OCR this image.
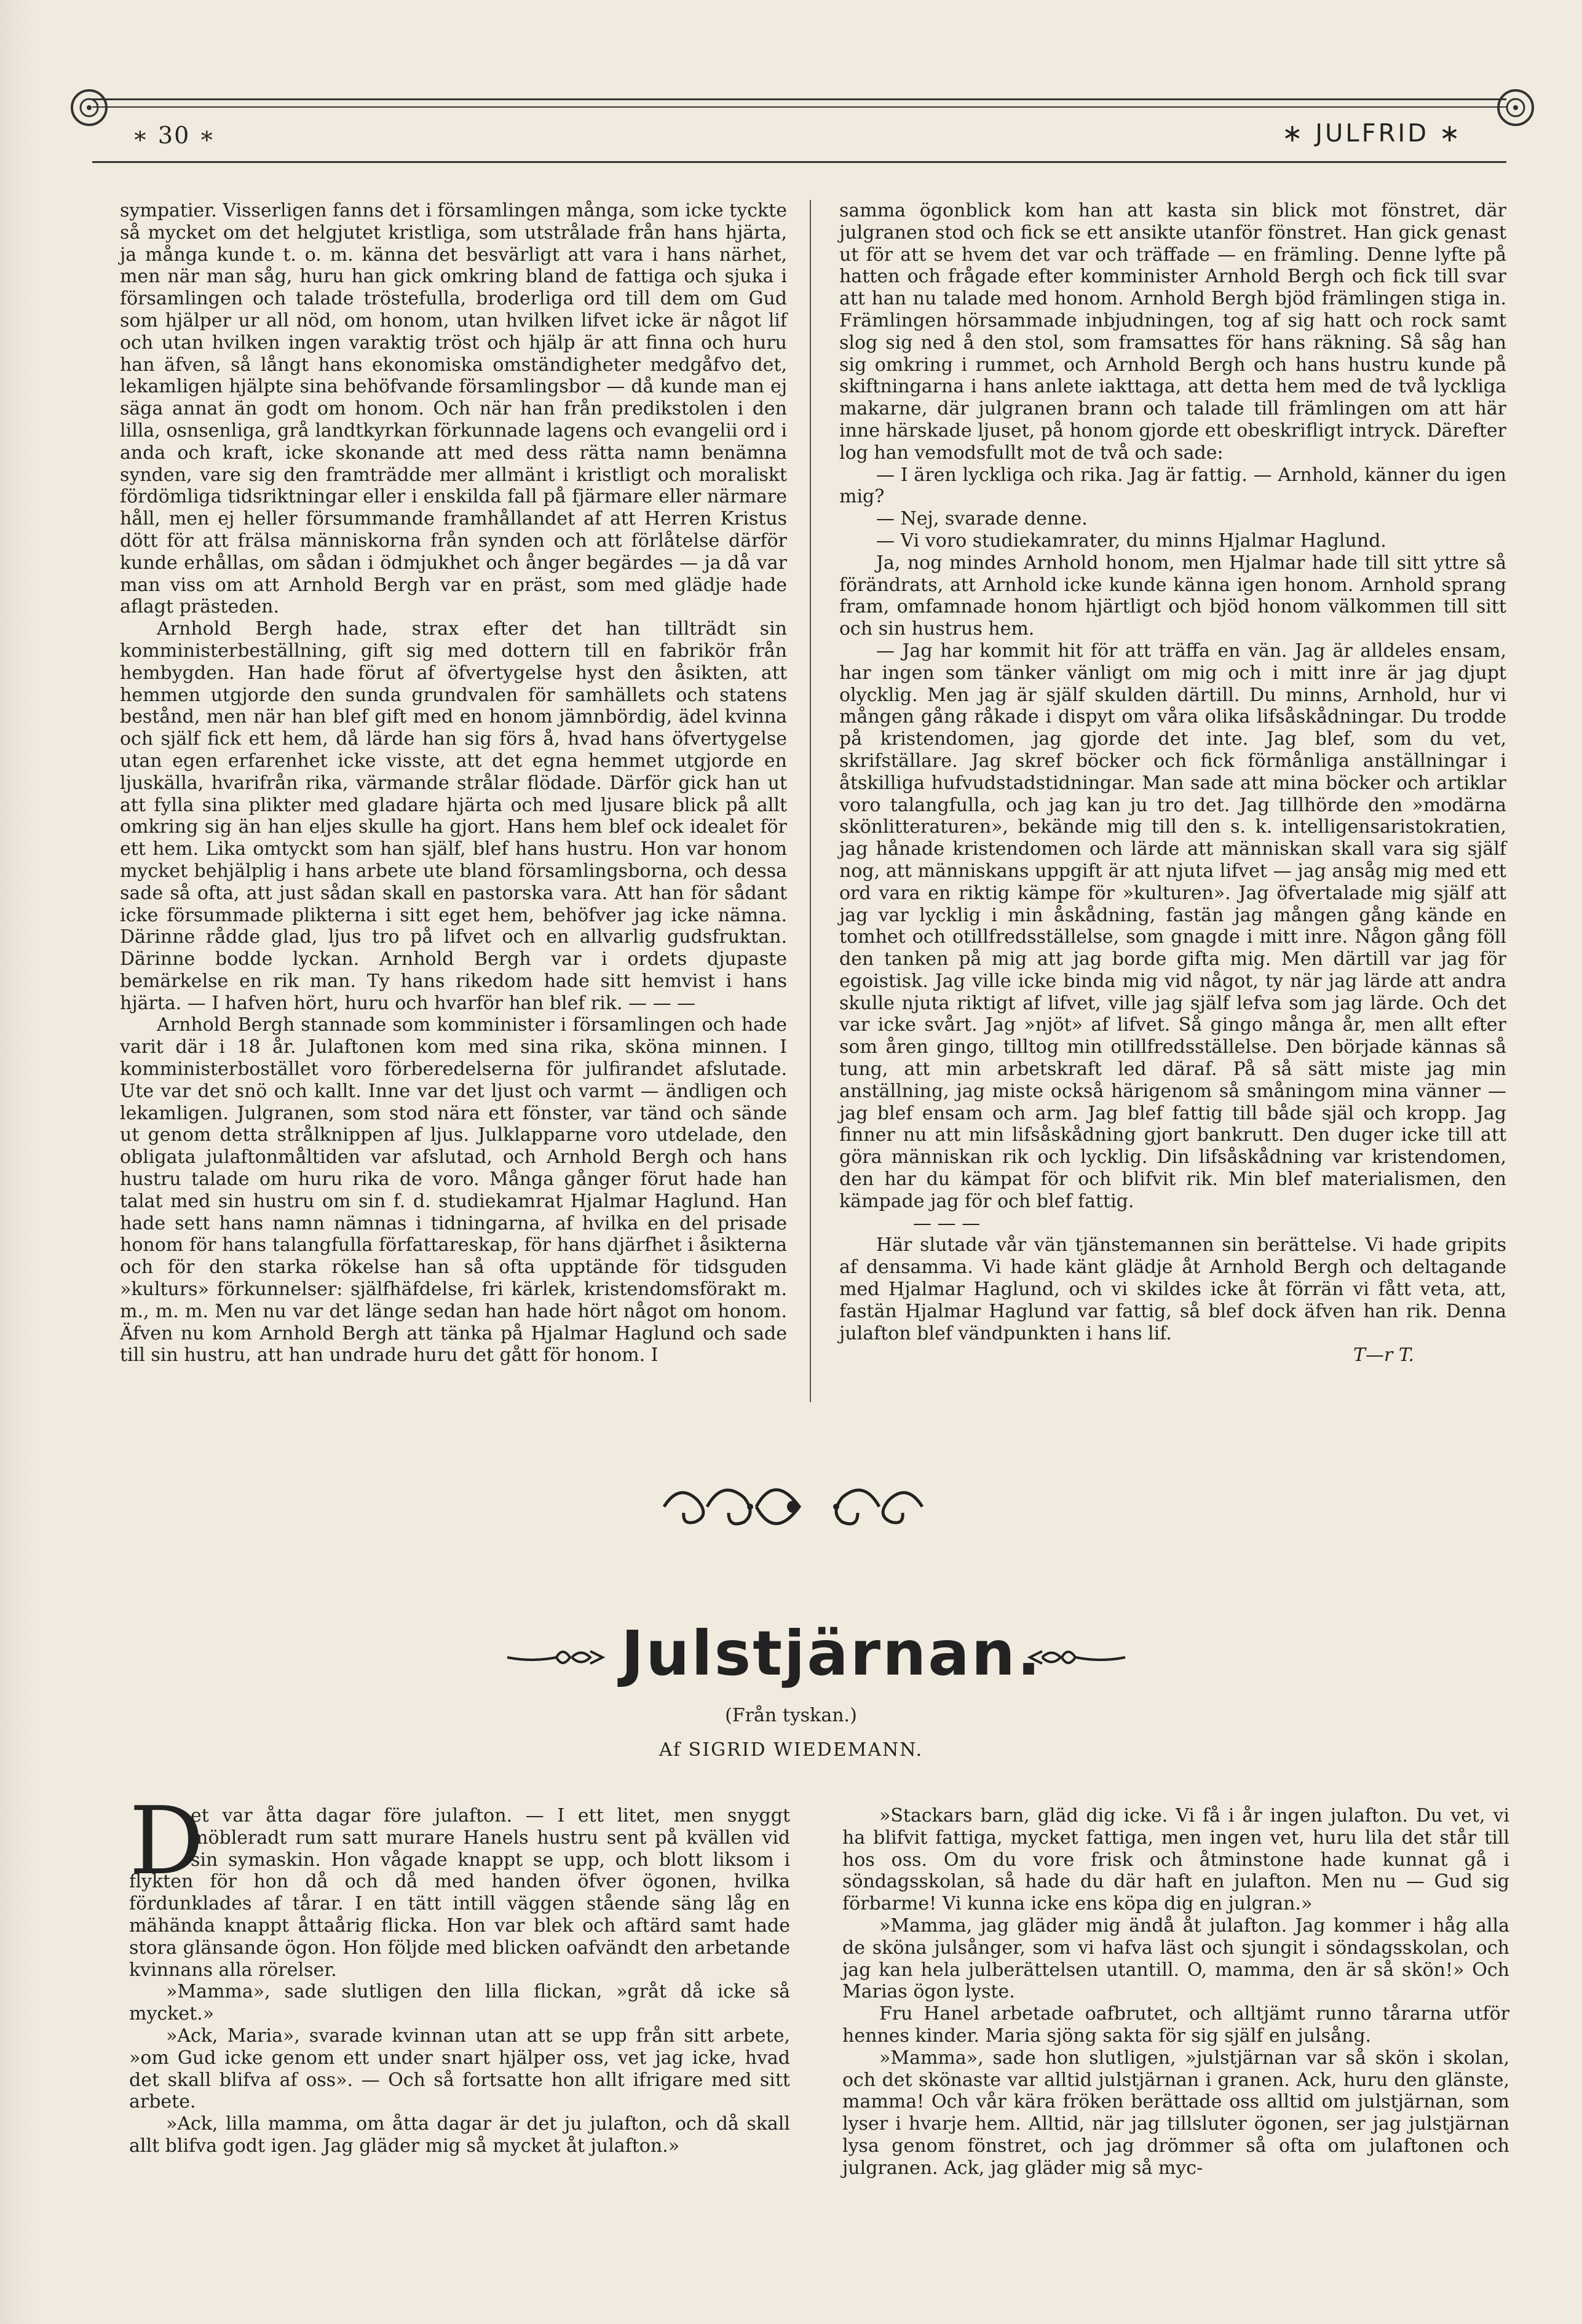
∗ 30 ∗	∗ JULFRID ∗

sympatier. Visserligen fanns det i församlingen många, som icke tyckte så mycket om det helgjutet kristliga, som utstrålade från hans hjärta, ja många kunde t. o. m. känna det besvärligt att vara i hans närhet, men när man såg, huru han gick omkring bland de fattiga och sjuka i församlingen och talade tröstefulla, broderliga ord till dem om Gud som hjälper ur all nöd, om honom, utan hvilken lifvet icke är något lif och utan hvilken ingen varaktig tröst och hjälp är att finna och huru han äfven, så långt hans ekonomiska omständigheter medgåfvo det, lekamligen hjälpte sina behöfvande församlingsbor — då kunde man ej säga annat än godt om honom. Och när han från predikstolen i den lilla, osnsenliga, grå landtkyrkan förkunnade lagens och evangelii ord i anda och kraft, icke skonande att med dess rätta namn benämna synden, vare sig den framträdde mer allmänt i kristligt och moraliskt fördömliga tidsriktningar eller i enskilda fall på fjärmare eller närmare håll, men ej heller försummande framhållandet af att Herren Kristus dött för att frälsa människorna från synden och att förlåtelse därför kunde erhållas, om sådan i ödmjukhet och ånger begärdes — ja då var man viss om att Arnhold Bergh var en präst, som med glädje hade aflagt prästeden.

Arnhold Bergh hade, strax efter det han tillträdt sin komministerbeställning, gift sig med dottern till en fabrikör från hembygden. Han hade förut af öfvertygelse hyst den åsikten, att hemmen utgjorde den sunda grundvalen för samhällets och statens bestånd, men när han blef gift med en honom jämnbördig, ädel kvinna och själf fick ett hem, då lärde han sig förs å, hvad hans öfvertygelse utan egen erfarenhet icke visste, att det egna hemmet utgjorde en ljuskälla, hvarifrån rika, värmande strålar flödade. Därför gick han ut att fylla sina plikter med gladare hjärta och med ljusare blick på allt omkring sig än han eljes skulle ha gjort. Hans hem blef ock idealet för ett hem. Lika omtyckt som han själf, blef hans hustru. Hon var honom mycket behjälplig i hans arbete ute bland församlingsborna, och dessa sade så ofta, att just sådan skall en pastorska vara. Att han för sådant icke försummade plikterna i sitt eget hem, behöfver jag icke nämna. Därinne rådde glad, ljus tro på lifvet och en allvarlig gudsfruktan. Därinne bodde lyckan. Arnhold Bergh var i ordets djupaste bemärkelse en rik man. Ty hans rikedom hade sitt hemvist i hans hjärta. — I hafven hört, huru och hvarför han blef rik. — — —

Arnhold Bergh stannade som komminister i församlingen och hade varit där i 18 år. Julaftonen kom med sina rika, sköna minnen. I komministerbostället voro förberedelserna för julfirandet afslutade. Ute var det snö och kallt. Inne var det ljust och varmt — ändligen och lekamligen. Julgranen, som stod nära ett fönster, var tänd och sände ut genom detta strålknippen af ljus. Julklapparne voro utdelade, den obligata julaftonmåltiden var afslutad, och Arnhold Bergh och hans hustru talade om huru rika de voro. Många gånger förut hade han talat med sin hustru om sin f. d. studiekamrat Hjalmar Haglund. Han hade sett hans namn nämnas i tidningarna, af hvilka en del prisade honom för hans talangfulla författareskap, för hans djärfhet i åsikterna och för den starka rökelse han så ofta upptände för tidsguden »kulturs» förkunnelser: själfhäfdelse, fri kärlek, kristendomsförakt m. m., m. m. Men nu var det länge sedan han hade hört något om honom. Äfven nu kom Arnhold Bergh att tänka på Hjalmar Haglund och sade till sin hustru, att han undrade huru det gått för honom. I

samma ögonblick kom han att kasta sin blick mot fönstret, där julgranen stod och fick se ett ansikte utanför fönstret. Han gick genast ut för att se hvem det var och träffade — en främling. Denne lyfte på hatten och frågade efter komminister Arnhold Bergh och fick till svar att han nu talade med honom. Arnhold Bergh bjöd främlingen stiga in. Främlingen hörsammade inbjudningen, tog af sig hatt och rock samt slog sig ned å den stol, som framsattes för hans räkning. Så såg han sig omkring i rummet, och Arnhold Bergh och hans hustru kunde på skiftningarna i hans anlete iakttaga, att detta hem med de två lyckliga makarne, där julgranen brann och talade till främlingen om att här inne härskade ljuset, på honom gjorde ett obeskrifligt intryck. Därefter log han vemodsfullt mot de två och sade:

— I ären lyckliga och rika. Jag är fattig. — Arnhold, känner du igen mig?

— Nej, svarade denne.

— Vi voro studiekamrater, du minns Hjalmar Haglund.

Ja, nog mindes Arnhold honom, men Hjalmar hade till sitt yttre så förändrats, att Arnhold icke kunde känna igen honom. Arnhold sprang fram, omfamnade honom hjärtligt och bjöd honom välkommen till sitt och sin hustrus hem.

— Jag har kommit hit för att träffa en vän. Jag är alldeles ensam, har ingen som tänker vänligt om mig och i mitt inre är jag djupt olycklig. Men jag är själf skulden därtill. Du minns, Arnhold, hur vi mången gång råkade i dispyt om våra olika lifsåskådningar. Du trodde på kristendomen, jag gjorde det inte. Jag blef, som du vet, skrifställare. Jag skref böcker och fick förmånliga anställningar i åtskilliga hufvudstadstidningar. Man sade att mina böcker och artiklar voro talangfulla, och jag kan ju tro det. Jag tillhörde den »modärna skönlitteraturen», bekände mig till den s. k. intelligensaristokratien, jag hånade kristendomen och lärde att människan skall vara sig själf nog, att människans uppgift är att njuta lifvet — jag ansåg mig med ett ord vara en riktig kämpe för »kulturen». Jag öfvertalade mig själf att jag var lycklig i min åskådning, fastän jag mången gång kände en tomhet och otillfredsställelse, som gnagde i mitt inre. Någon gång föll den tanken på mig att jag borde gifta mig. Men därtill var jag för egoistisk. Jag ville icke binda mig vid något, ty när jag lärde att andra skulle njuta riktigt af lifvet, ville jag själf lefva som jag lärde. Och det var icke svårt. Jag »njöt» af lifvet. Så gingo många år, men allt efter som åren gingo, tilltog min otillfredsställelse. Den började kännas så tung, att min arbetskraft led däraf. På så sätt miste jag min anställning, jag miste också härigenom så småningom mina vänner — jag blef ensam och arm. Jag blef fattig till både själ och kropp. Jag finner nu att min lifsåskådning gjort bankrutt. Den duger icke till att göra människan rik och lycklig. Din lifsåskådning var kristendomen, den har du kämpat för och blifvit rik. Min blef materialismen, den kämpade jag för och blef fattig.

— — —

Här slutade vår vän tjänstemannen sin berättelse. Vi hade gripits af densamma. Vi hade känt glädje åt Arnhold Bergh och deltagande med Hjalmar Haglund, och vi skildes icke åt förrän vi fått veta, att, fastän Hjalmar Haglund var fattig, så blef dock äfven han rik. Denna julafton blef vändpunkten i hans lif.

T—r T.

Julstjärnan.
(Från tyskan.)
Af SIGRID WIEDEMANN.
D

et var åtta dagar före julafton. — I ett litet, men snyggt möbleradt rum satt murare Hanels hustru sent på kvällen vid sin symaskin. Hon vågade knappt se upp, och blott liksom i flykten för hon då och då med handen öfver ögonen, hvilka fördunklades af tårar. I en tätt intill väggen stående säng låg en mähända knappt åttaårig flicka. Hon var blek och aftärd samt hade stora glänsande ögon. Hon följde med blicken oafvändt den arbetande kvinnans alla rörelser.

»Mamma», sade slutligen den lilla flickan, »gråt då icke så mycket.»

»Ack, Maria», svarade kvinnan utan att se upp från sitt arbete, »om Gud icke genom ett under snart hjälper oss, vet jag icke, hvad det skall blifva af oss». — Och så fortsatte hon allt ifrigare med sitt arbete.

»Ack, lilla mamma, om åtta dagar är det ju julafton, och då skall allt blifva godt igen. Jag gläder mig så mycket åt julafton.»

»Stackars barn, gläd dig icke. Vi få i år ingen julafton. Du vet, vi ha blifvit fattiga, mycket fattiga, men ingen vet, huru lila det står till hos oss. Om du vore frisk och åtminstone hade kunnat gå i söndagsskolan, så hade du där haft en julafton. Men nu — Gud sig förbarme! Vi kunna icke ens köpa dig en julgran.»

»Mamma, jag gläder mig ändå åt julafton. Jag kommer i håg alla de sköna julsånger, som vi hafva läst och sjungit i söndagsskolan, och jag kan hela julberättelsen utantill. O, mamma, den är så skön!» Och Marias ögon lyste.

Fru Hanel arbetade oafbrutet, och alltjämt runno tårarna utför hennes kinder. Maria sjöng sakta för sig själf en julsång.

»Mamma», sade hon slutligen, »julstjärnan var så skön i skolan, och det skönaste var alltid julstjärnan i granen. Ack, huru den glänste, mamma! Och vår kära fröken berättade oss alltid om julstjärnan, som lyser i hvarje hem. Alltid, när jag tillsluter ögonen, ser jag julstjärnan lysa genom fönstret, och jag drömmer så ofta om julaftonen och julgranen. Ack, jag gläder mig så myc-
